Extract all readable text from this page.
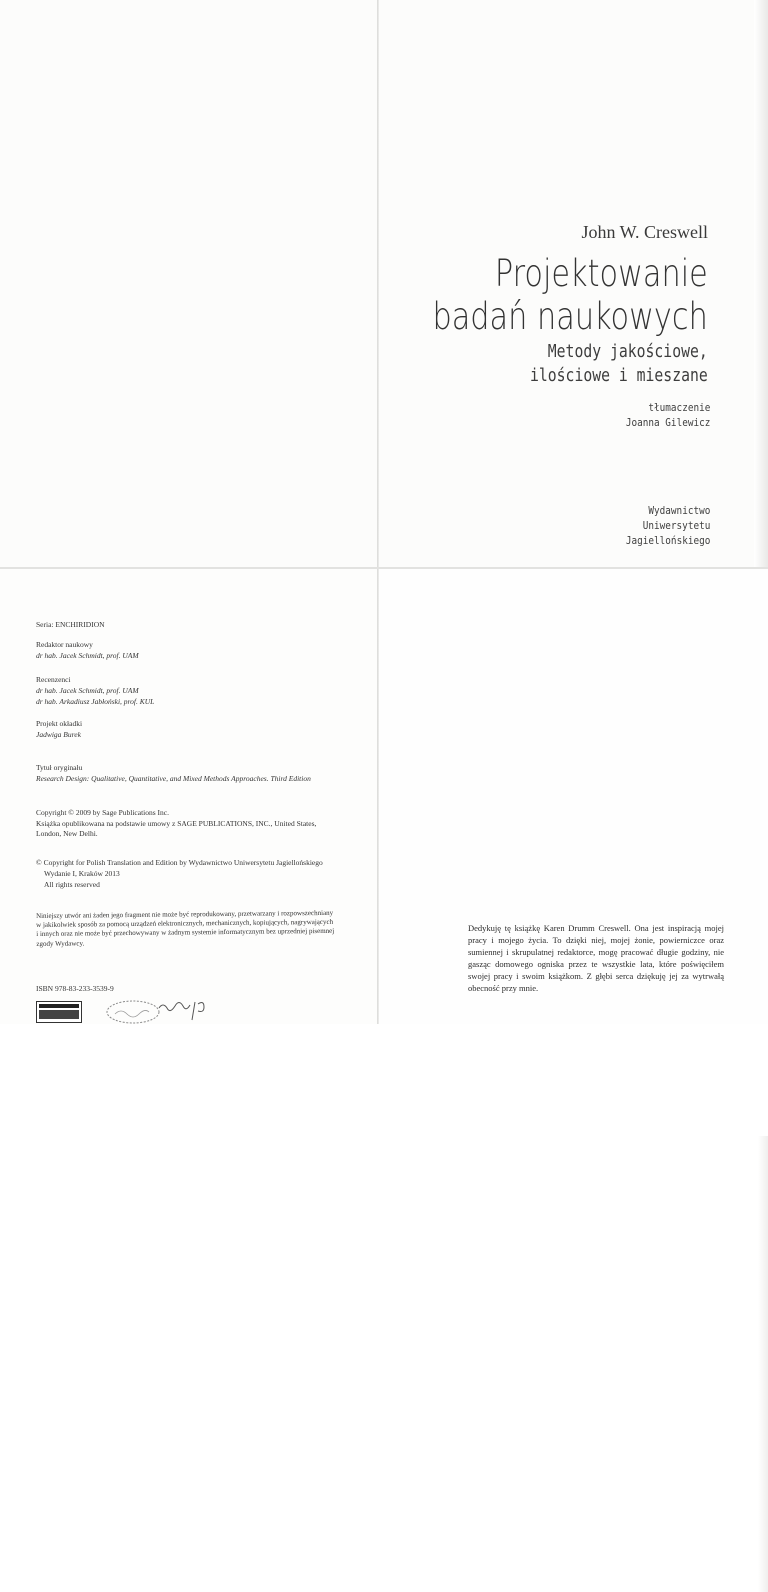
John W. Creswell
Projektowanie
badań naukowych
Metody jakościowe,
ilościowe i mieszane
tłumaczenie
Joanna Gilewicz
Wydawnictwo
Uniwersytetu
Jagiellońskiego
Seria: ENCHIRIDION
Redaktor naukowy
dr hab. Jacek Schmidt, prof. UAM
Recenzenci
dr hab. Jacek Schmidt, prof. UAM
dr hab. Arkadiusz Jabłoński, prof. KUL
Projekt okładki
Jadwiga Burek
Tytuł oryginału
Research Design: Qualitative, Quantitative, and Mixed Methods Approaches. Third Edition
Copyright © 2009 by Sage Publications Inc.
Książka opublikowana na podstawie umowy z SAGE PUBLICATIONS, INC., United States,
London, New Delhi.
© Copyright for Polish Translation and Edition by Wydawnictwo Uniwersytetu Jagiellońskiego
Wydanie I, Kraków 2013
All rights reserved
Niniejszy utwór ani żaden jego fragment nie może być reprodukowany, przetwarzany i rozpowszechniany w jakikolwiek sposób za pomocą urządzeń elektronicznych, mechanicznych, kopiujących, nagrywających i innych oraz nie może być przechowywany w żadnym systemie informatycznym bez uprzedniej pisemnej zgody Wydawcy.
ISBN 978-83-233-3539-9
Dedykuję tę książkę Karen Drumm Creswell. Ona jest inspiracją mojej pracy i mojego życia. To dzięki niej, mojej żonie, powierniczce oraz sumiennej i skrupulatnej redaktorce, mogę pracować długie godziny, nie gasząc domowego ogniska przez te wszystkie lata, które poświęciłem swojej pracy i swoim książkom. Z głębi serca dziękuję jej za wytrwałą obecność przy mnie.
